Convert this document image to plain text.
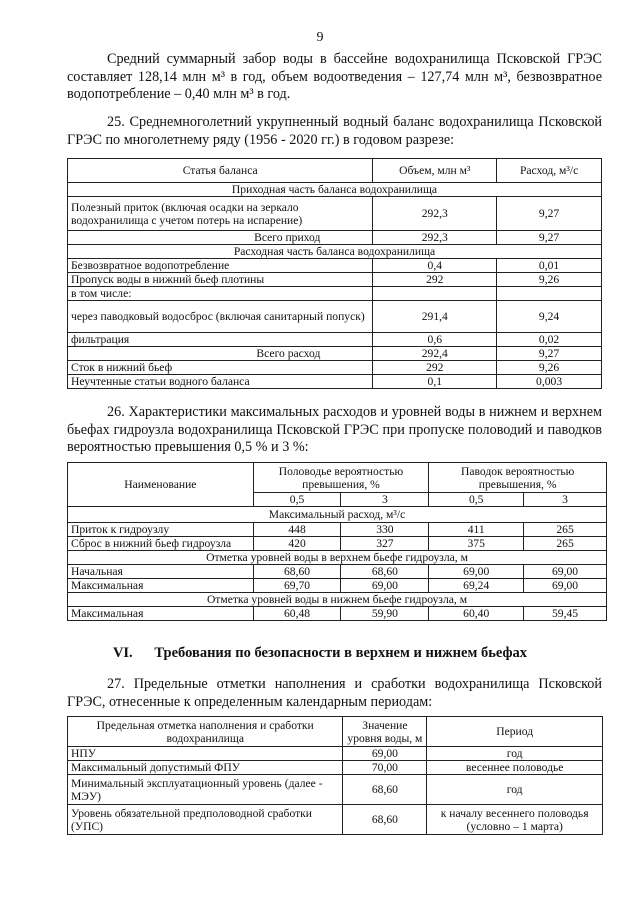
9

Средний суммарный забор воды в бассейне водохранилища Псковской ГРЭС составляет 128,14 млн м³ в год, объем водоотведения – 127,74 млн м³, безвозвратное водопотребление – 0,40 млн м³ в год.

25. Среднемноголетний укрупненный водный баланс водохранилища Псковской ГРЭС по многолетнему ряду (1956 - 2020 гг.) в годовом разрезе:

Статья баланса	Объем, млн м³	Расход, м³/с
Приходная часть баланса водохранилища		
Полезный приток (включая осадки на зеркало водохранилища с учетом потерь на испарение)	292,3	9,27
Всего приход	292,3	9,27
Расходная часть баланса водохранилища		
Безвозвратное водопотребление	0,4	0,01
Пропуск воды в нижний бьеф плотины	292	9,26
в том числе:		
через паводковый водосброс (включая санитарный попуск)	291,4	9,24
фильтрация	0,6	0,02
Всего расход	292,4	9,27
Сток в нижний бьеф	292	9,26
Неучтенные статьи водного баланса	0,1	0,003

26. Характеристики максимальных расходов и уровней воды в нижнем и верхнем бьефах гидроузла водохранилища Псковской ГРЭС при пропуске половодий и паводков вероятностью превышения 0,5 % и 3 %:

Наименование	Половодье вероятностью превышения, %		Паводок вероятностью превышения, %	
	0,5	3	0,5	3
Максимальный расход, м³/с				
Приток к гидроузлу	448	330	411	265
Сброс в нижний бьеф гидроузла	420	327	375	265
Отметка уровней воды в верхнем бьефе гидроузла, м				
Начальная	68,60	68,60	69,00	69,00
Максимальная	69,70	69,00	69,24	69,00
Отметка уровней воды в нижнем бьефе гидроузла, м				
Максимальная	60,48	59,90	60,40	59,45
VI.      Требования по безопасности в верхнем и нижнем бьефах

27. Предельные отметки наполнения и сработки водохранилища Псковской ГРЭС, отнесенные к определенным календарным периодам:

Предельная отметка наполнения и сработки водохранилища	Значение уровня воды, м	Период
НПУ	69,00	год
Максимальный допустимый ФПУ	70,00	весеннее половодье
Минимальный эксплуатационный уровень (далее - МЭУ)	68,60	год
Уровень обязательной предполоводной сработки (УПС)	68,60	к началу весеннего половодья (условно – 1 марта)
